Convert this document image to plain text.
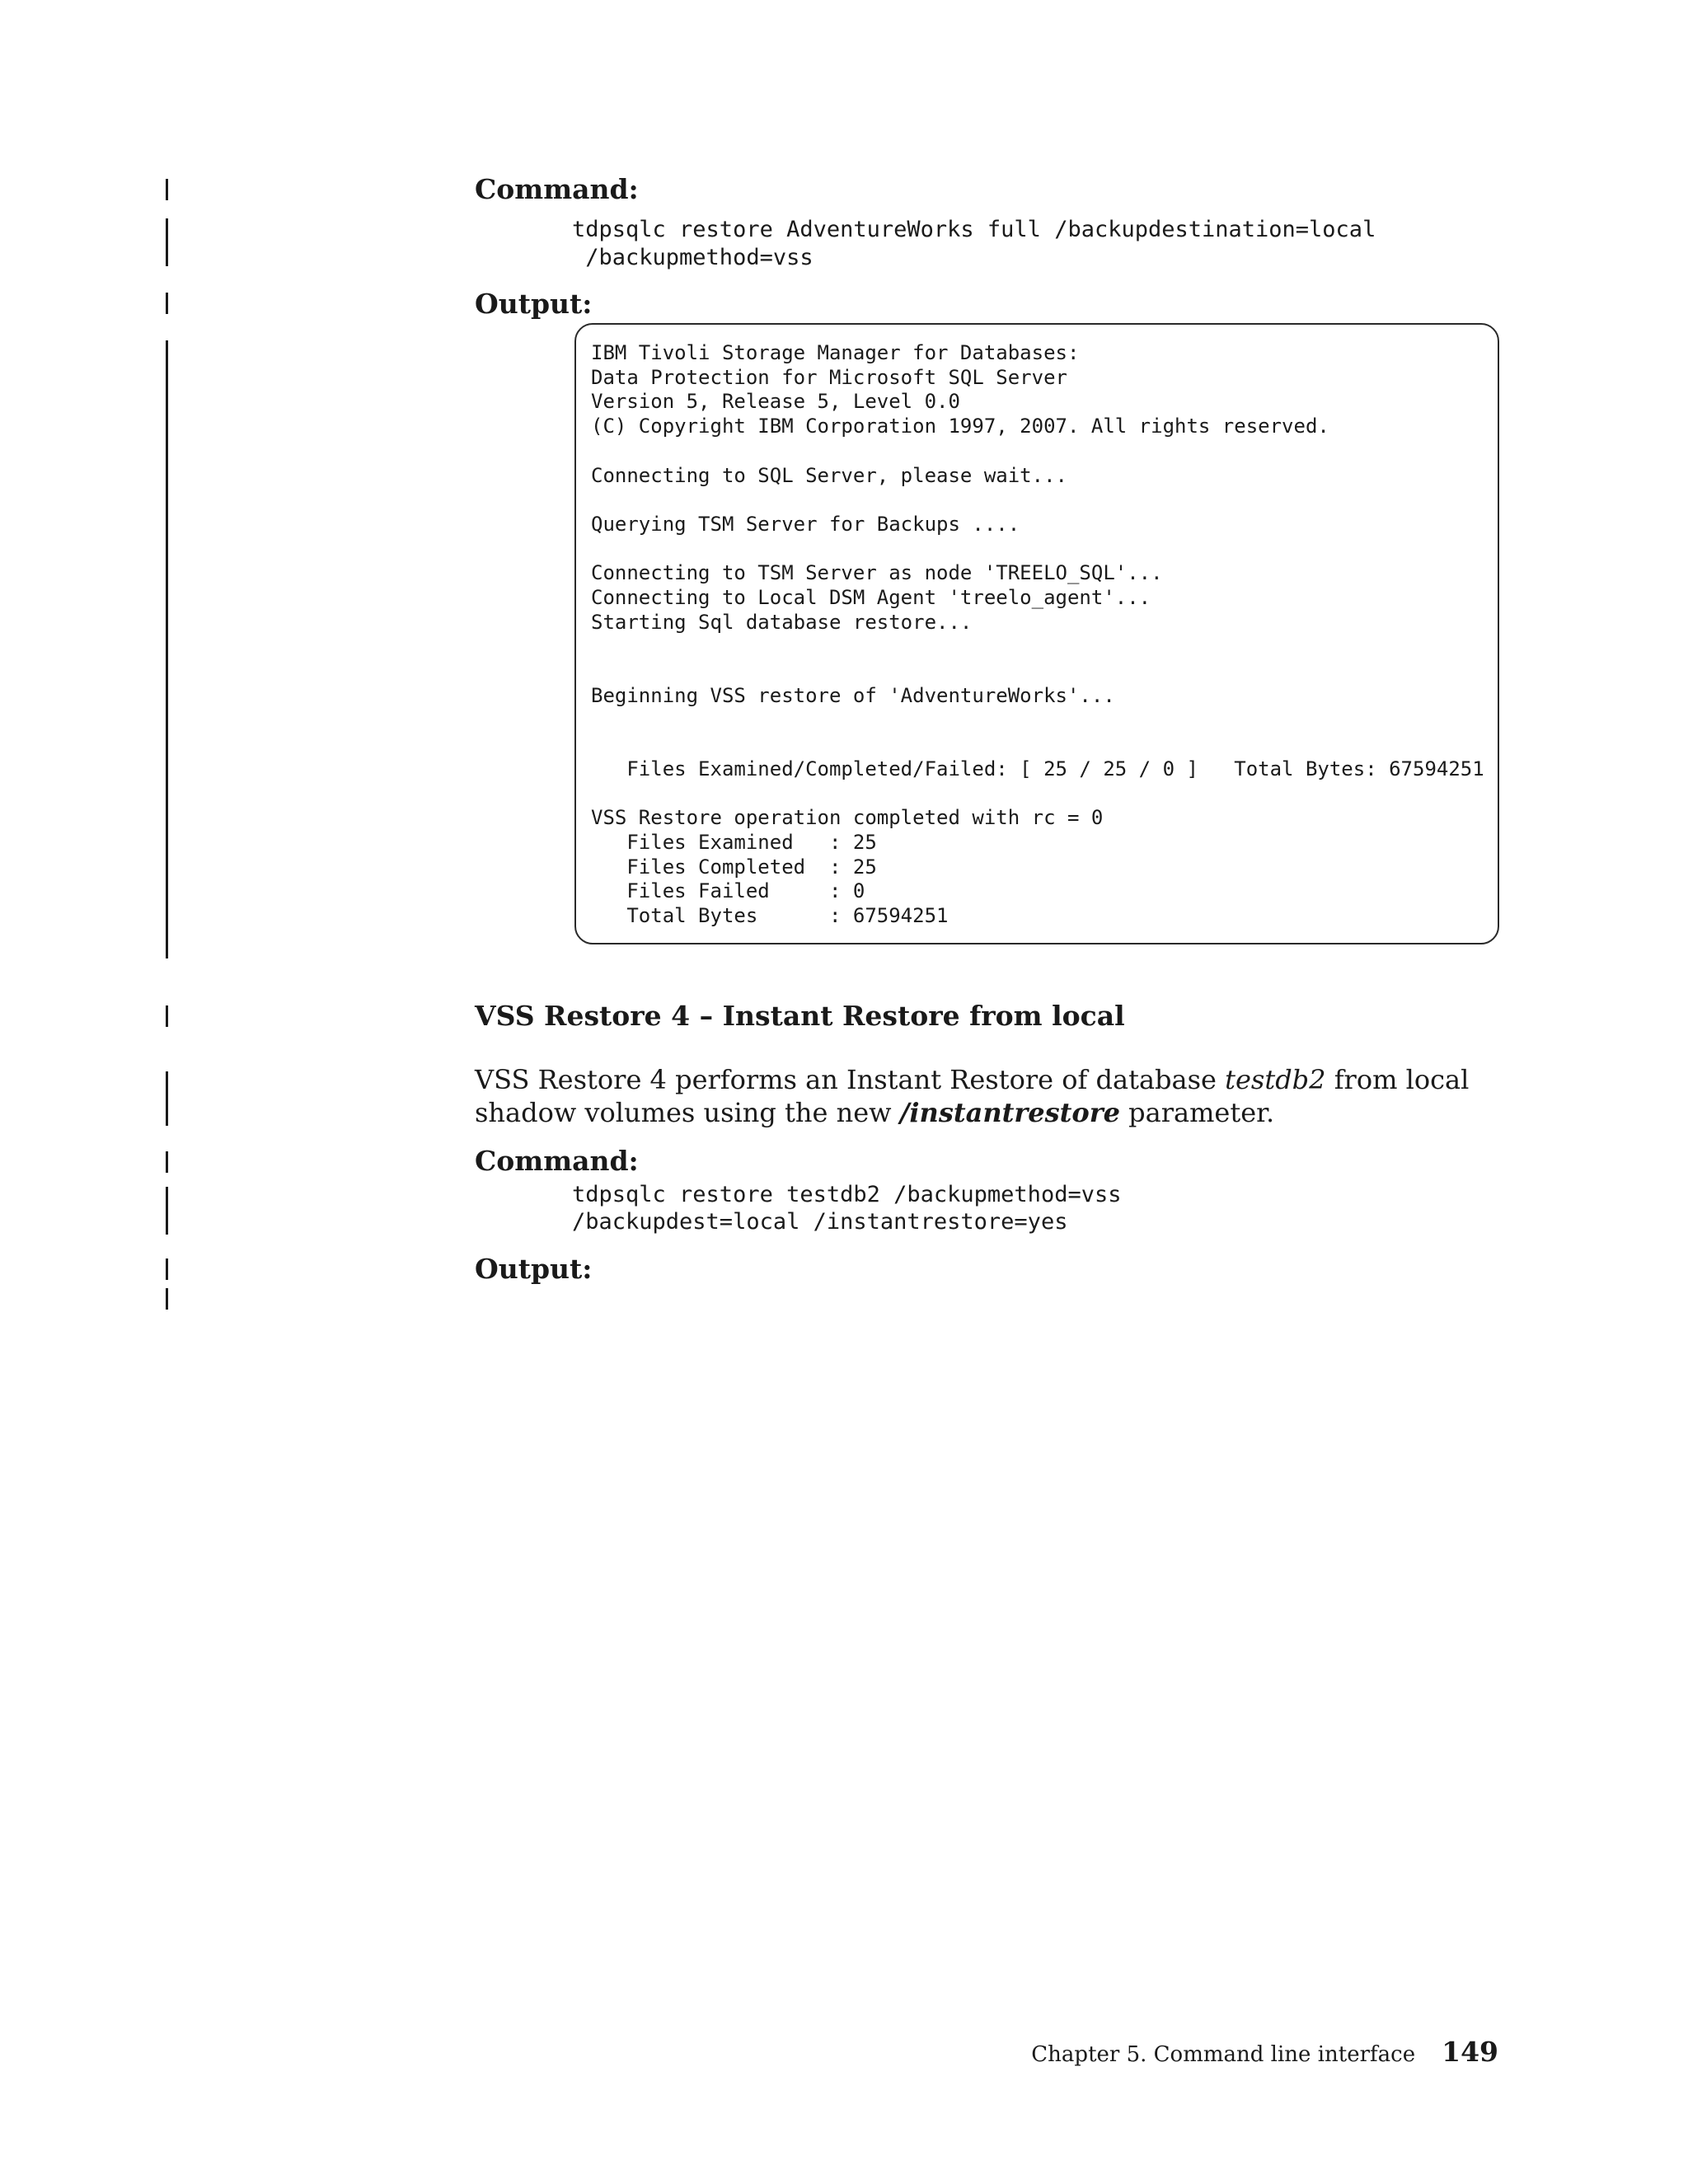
Command:
tdpsqlc restore AdventureWorks full /backupdestination=local
/backupmethod=vss
Output:
IBM Tivoli Storage Manager for Databases:
Data Protection for Microsoft SQL Server
Version 5, Release 5, Level 0.0
(C) Copyright IBM Corporation 1997, 2007. All rights reserved.

Connecting to SQL Server, please wait...

Querying TSM Server for Backups ....

Connecting to TSM Server as node 'TREELO_SQL'...
Connecting to Local DSM Agent 'treelo_agent'...
Starting Sql database restore...

Beginning VSS restore of 'AdventureWorks'...

Files Examined/Completed/Failed: [ 25 / 25 / 0 ]   Total Bytes: 67594251

VSS Restore operation completed with rc = 0
Files Examined   : 25
Files Completed  : 25
Files Failed     : 0
Total Bytes      : 67594251
VSS Restore 4 – Instant Restore from local

VSS Restore 4 performs an Instant Restore of database testdb2 from local shadow volumes using the new /instantrestore parameter.

Command:
tdpsqlc restore testdb2 /backupmethod=vss
/backupdest=local /instantrestore=yes
Output:
Chapter 5. Command line interface 149
